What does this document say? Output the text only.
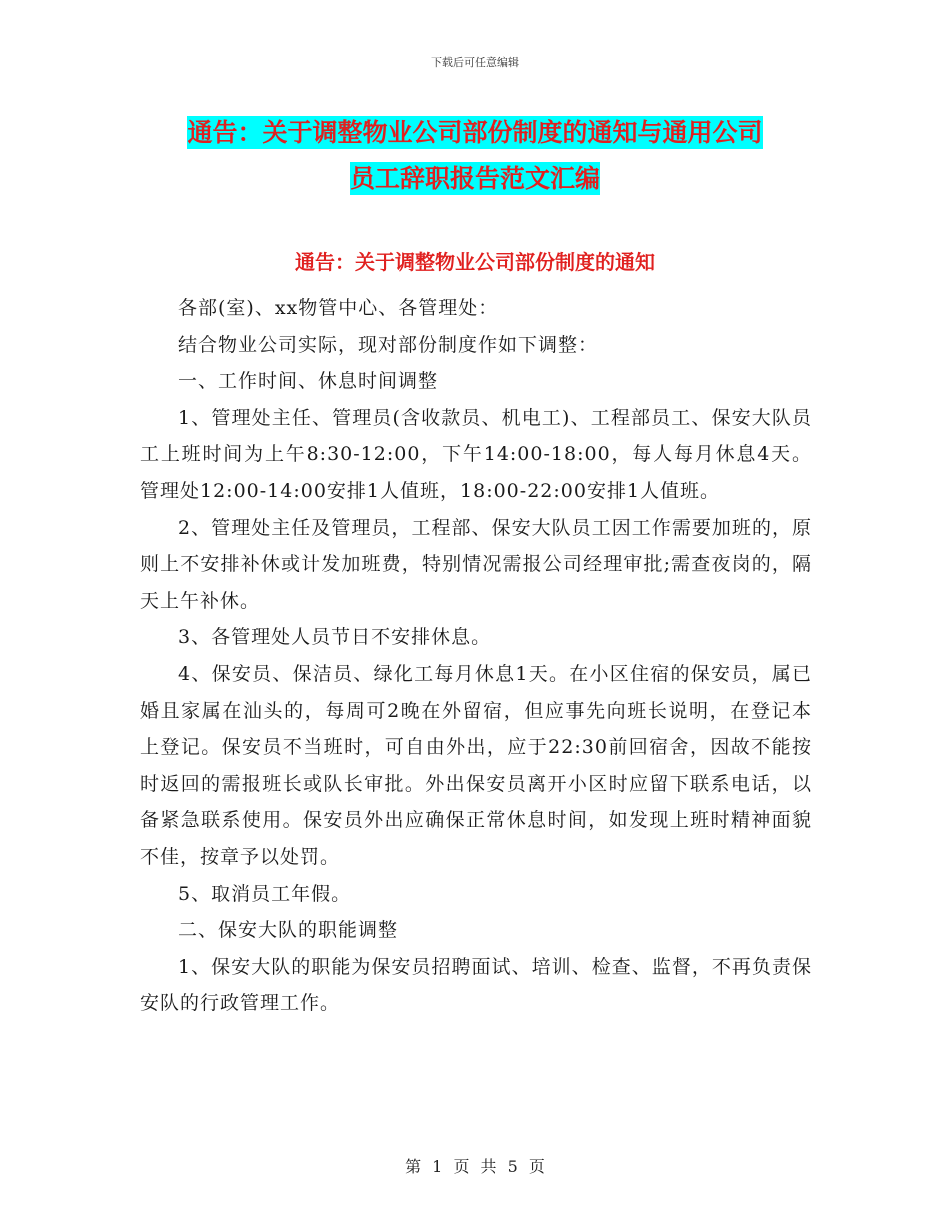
下载后可任意编辑
通告：关于调整物业公司部份制度的通知与通用公司
员工辞职报告范文汇编
通告：关于调整物业公司部份制度的通知

各部(室)、xx物管中心、各管理处：

结合物业公司实际，现对部份制度作如下调整：

一、工作时间、休息时间调整

1、管理处主任、管理员(含收款员、机电工)、工程部员工、保安大队员工上班时间为上午8:30-12:00，下午14:00-18:00，每人每月休息4天。管理处12:00-14:00安排1人值班，18:00-22:00安排1人值班。

2、管理处主任及管理员，工程部、保安大队员工因工作需要加班的，原则上不安排补休或计发加班费，特别情况需报公司经理审批;需查夜岗的，隔天上午补休。

3、各管理处人员节日不安排休息。

4、保安员、保洁员、绿化工每月休息1天。在小区住宿的保安员，属已婚且家属在汕头的，每周可2晚在外留宿，但应事先向班长说明，在登记本上登记。保安员不当班时，可自由外出，应于22:30前回宿舍，因故不能按时返回的需报班长或队长审批。外出保安员离开小区时应留下联系电话，以备紧急联系使用。保安员外出应确保正常休息时间，如发现上班时精神面貌不佳，按章予以处罚。

5、取消员工年假。

二、保安大队的职能调整

1、保安大队的职能为保安员招聘面试、培训、检查、监督，不再负责保安队的行政管理工作。

第 1 页 共 5 页
